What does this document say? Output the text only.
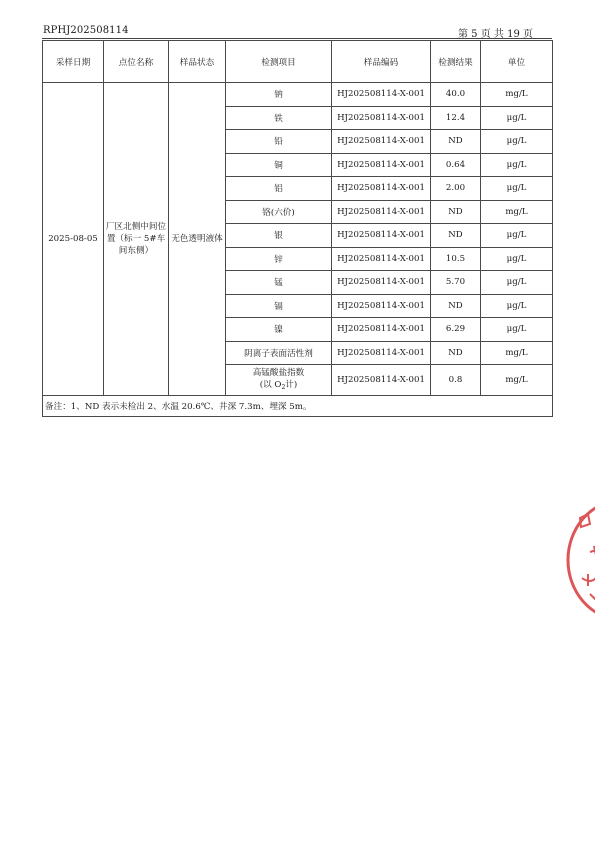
RPHJ202508114	第 5 页 共 19 页
采样日期	点位名称	样品状态	检测项目	样品编码	检测结果	单位
2025-08-05	厂区北侧中间位置（标一 5#车间东侧）	无色透明液体	钠	HJ202508114-X-001	40.0	mg/L
			铁	HJ202508114-X-001	12.4	μg/L
			铅	HJ202508114-X-001	ND	μg/L
			铜	HJ202508114-X-001	0.64	μg/L
			铝	HJ202508114-X-001	2.00	μg/L
			铬(六价)	HJ202508114-X-001	ND	mg/L
			银	HJ202508114-X-001	ND	μg/L
			锌	HJ202508114-X-001	10.5	μg/L
			锰	HJ202508114-X-001	5.70	μg/L
			镉	HJ202508114-X-001	ND	μg/L
			镍	HJ202508114-X-001	6.29	μg/L
			阴离子表面活性剂	HJ202508114-X-001	ND	mg/L
			高锰酸盐指数
(以 $O_2$计)	HJ202508114-X-001	0.8	mg/L
备注：1、ND 表示未检出 2、水温 20.6℃、井深 7.3m、埋深 5m。						
